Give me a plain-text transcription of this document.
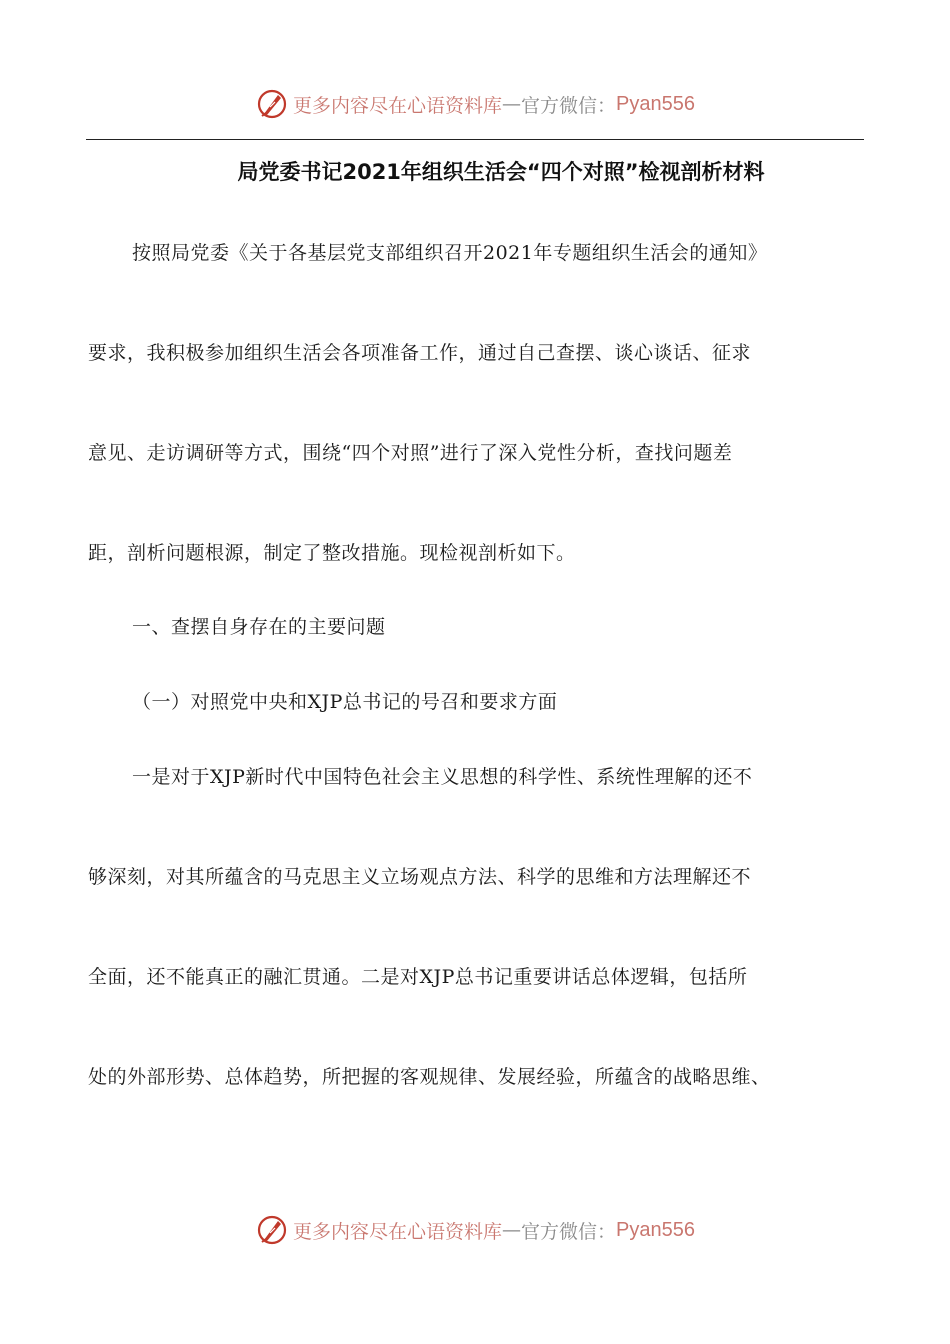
更多内容尽在心语资料库 — 官方微信： Pyan556
局党委书记2021年组织生活会“四个对照”检视剖析材料
按照局党委《关于各基层党支部组织召开2021年专题组织生活会的通知》
要求，我积极参加组织生活会各项准备工作，通过自己查摆、谈心谈话、征求
意见、走访调研等方式，围绕“四个对照”进行了深入党性分析，查找问题差
距，剖析问题根源，制定了整改措施。现检视剖析如下。
一、查摆自身存在的主要问题
（一）对照党中央和XJP总书记的号召和要求方面
一是对于XJP新时代中国特色社会主义思想的科学性、系统性理解的还不
够深刻，对其所蕴含的马克思主义立场观点方法、科学的思维和方法理解还不
全面，还不能真正的融汇贯通。二是对XJP总书记重要讲话总体逻辑，包括所
处的外部形势、总体趋势，所把握的客观规律、发展经验，所蕴含的战略思维、
更多内容尽在心语资料库 — 官方微信： Pyan556
